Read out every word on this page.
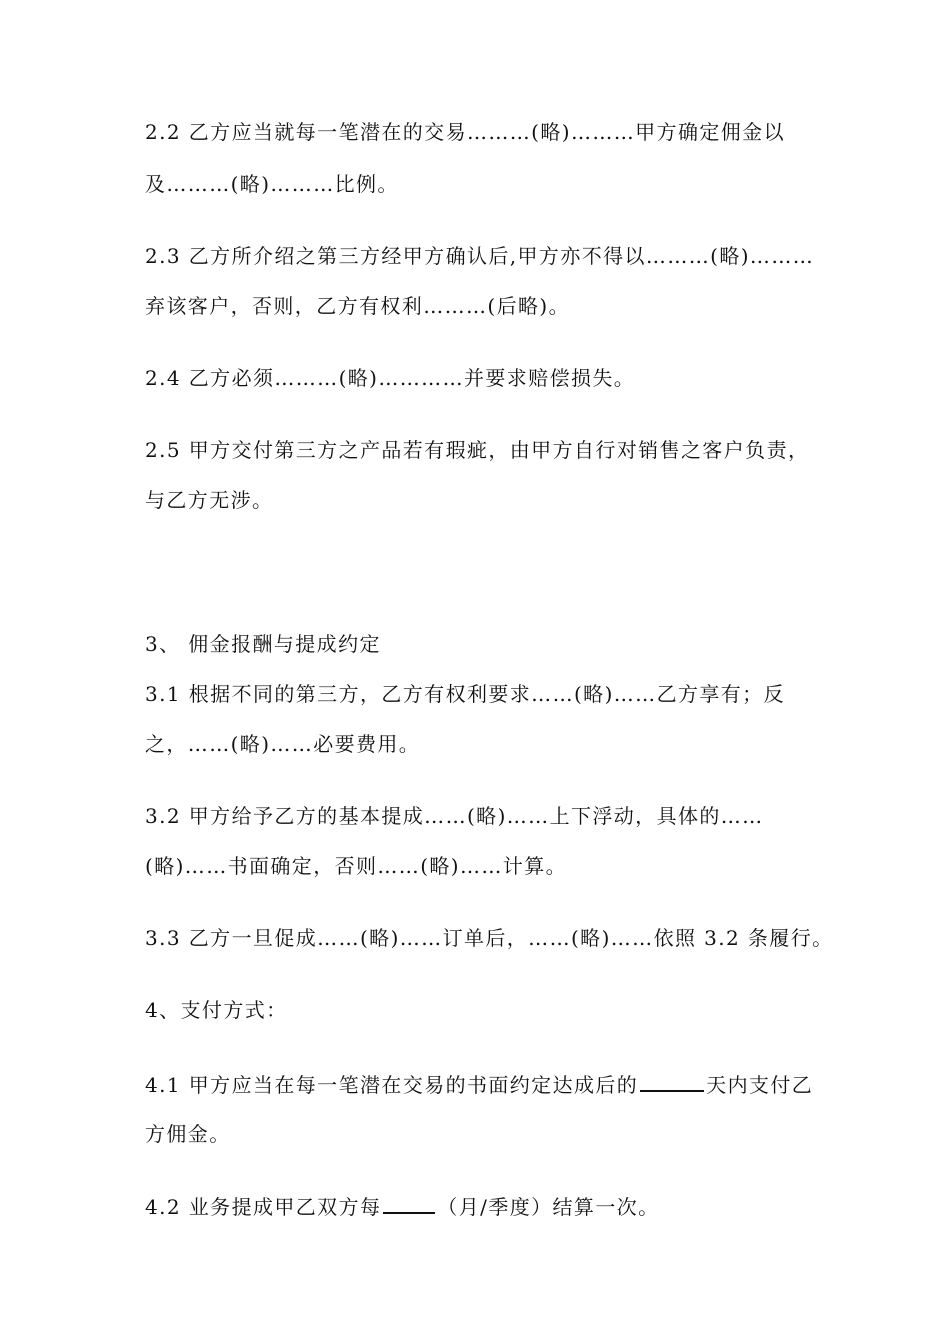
2.2 乙方应当就每一笔潜在的交易………(略)………甲方确定佣金以
及………(略)………比例。
2.3 乙方所介绍之第三方经甲方确认后,甲方亦不得以………(略)………
弃该客户，否则，乙方有权利………(后略)。
2.4 乙方必须………(略)…………并要求赔偿损失。
2.5 甲方交付第三方之产品若有瑕疵，由甲方自行对销售之客户负责，
与乙方无涉。
3、 佣金报酬与提成约定
3.1 根据不同的第三方，乙方有权利要求……(略)……乙方享有；反
之，……(略)……必要费用。
3.2 甲方给予乙方的基本提成……(略)……上下浮动，具体的……
(略)……书面确定，否则……(略)……计算。
3.3 乙方一旦促成……(略)……订单后，……(略)……依照 3.2 条履行。
4、支付方式：
4.1 甲方应当在每一笔潜在交易的书面约定达成后的	天内支付乙
方佣金。
4.2 业务提成甲乙双方每	（月/季度）结算一次。
